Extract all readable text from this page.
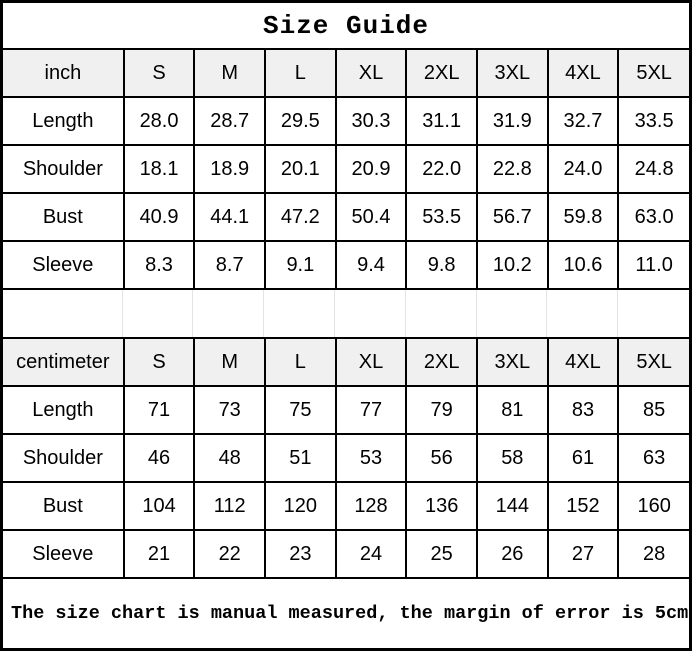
Size Guide
inch	S	M	L	XL	2XL	3XL	4XL	5XL
Length	28.0	28.7	29.5	30.3	31.1	31.9	32.7	33.5
Shoulder	18.1	18.9	20.1	20.9	22.0	22.8	24.0	24.8
Bust	40.9	44.1	47.2	50.4	53.5	56.7	59.8	63.0
Sleeve	8.3	8.7	9.1	9.4	9.8	10.2	10.6	11.0
centimeter	S	M	L	XL	2XL	3XL	4XL	5XL
Length	71	73	75	77	79	81	83	85
Shoulder	46	48	51	53	56	58	61	63
Bust	104	112	120	128	136	144	152	160
Sleeve	21	22	23	24	25	26	27	28
The size chart is manual measured, the margin of error is 5cm
